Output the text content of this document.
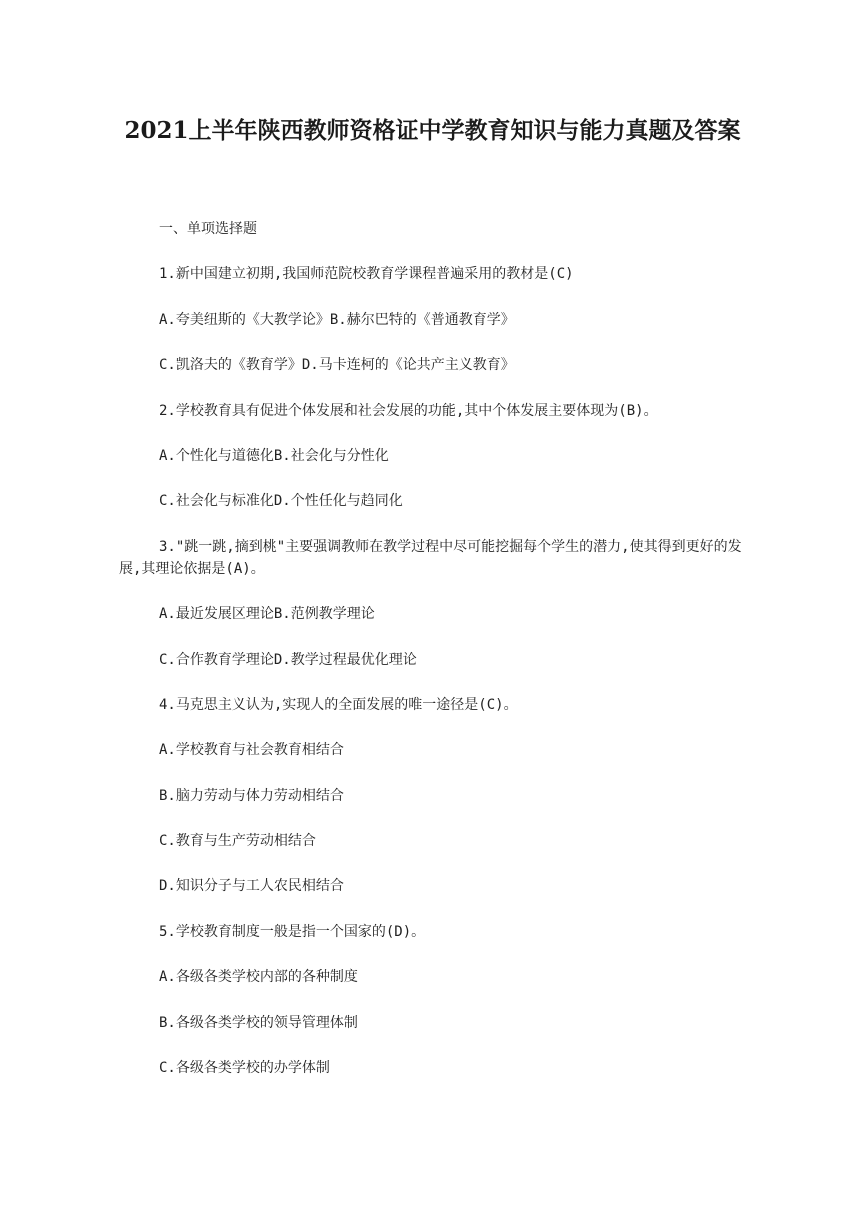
2021上半年陕西教师资格证中学教育知识与能力真题及答案

一、单项选择题

1.新中国建立初期,我国师范院校教育学课程普遍采用的教材是(C)

A.夸美纽斯的《大教学论》B.赫尔巴特的《普通教育学》

C.凯洛夫的《教育学》D.马卡连柯的《论共产主义教育》

2.学校教育具有促进个体发展和社会发展的功能,其中个体发展主要体现为(B)。

A.个性化与道德化B.社会化与分性化

C.社会化与标准化D.个性任化与趋同化

3."跳一跳,摘到桃"主要强调教师在教学过程中尽可能挖掘每个学生的潜力,使其得到更好的发展,其理论依据是(A)。

A.最近发展区理论B.范例教学理论

C.合作教育学理论D.教学过程最优化理论

4.马克思主义认为,实现人的全面发展的唯一途径是(C)。

A.学校教育与社会教育相结合

B.脑力劳动与体力劳动相结合

C.教育与生产劳动相结合

D.知识分子与工人农民相结合

5.学校教育制度一般是指一个国家的(D)。

A.各级各类学校内部的各种制度

B.各级各类学校的领导管理体制

C.各级各类学校的办学体制
